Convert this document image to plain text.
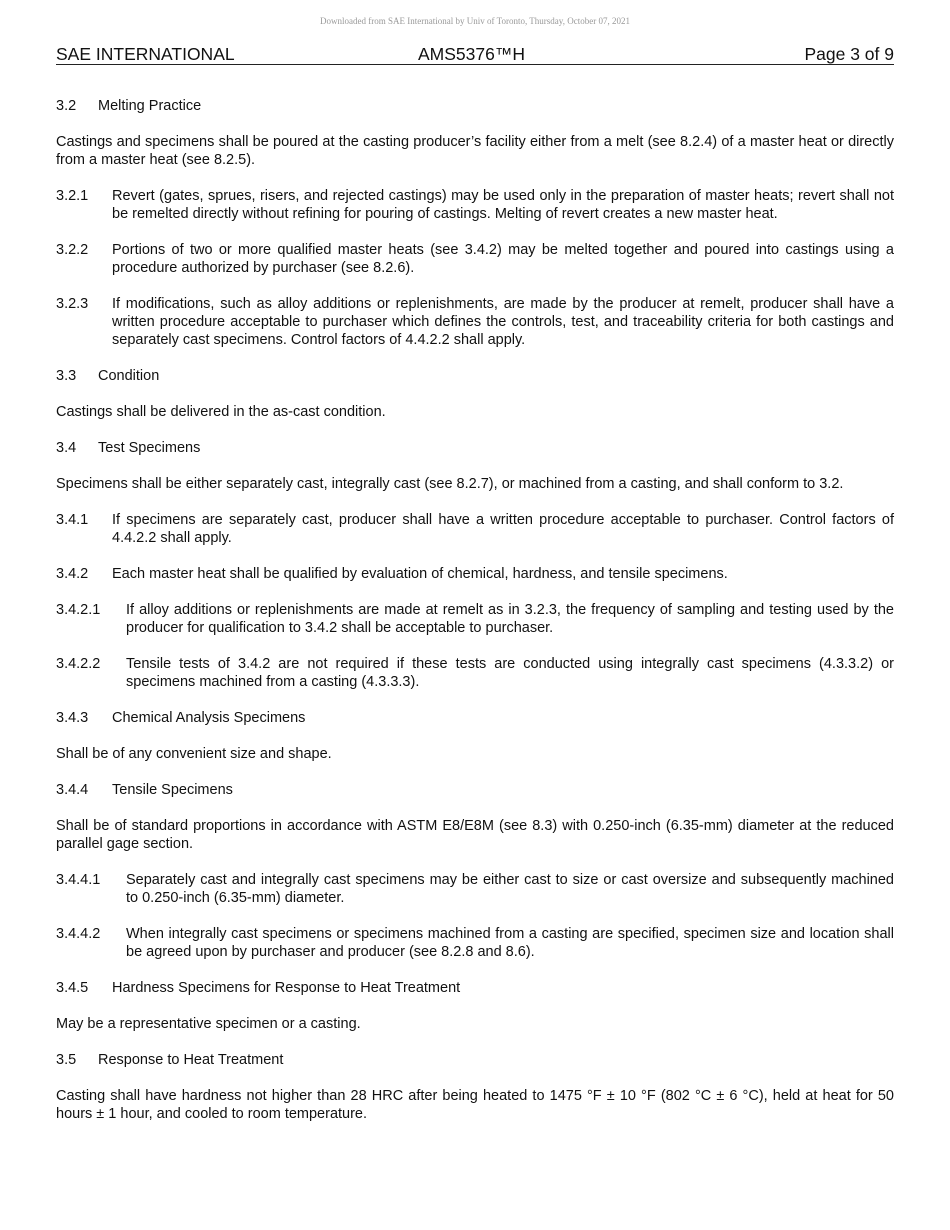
Downloaded from SAE International by Univ of Toronto, Thursday, October 07, 2021
SAE INTERNATIONAL	AMS5376™H	Page 3 of 9
3.2 Melting Practice
Castings and specimens shall be poured at the casting producer’s facility either from a melt (see 8.2.4) of a master heat or directly from a master heat (see 8.2.5).
3.2.1 Revert (gates, sprues, risers, and rejected castings) may be used only in the preparation of master heats; revert shall not be remelted directly without refining for pouring of castings. Melting of revert creates a new master heat.
3.2.2 Portions of two or more qualified master heats (see 3.4.2) may be melted together and poured into castings using a procedure authorized by purchaser (see 8.2.6).
3.2.3 If modifications, such as alloy additions or replenishments, are made by the producer at remelt, producer shall have a written procedure acceptable to purchaser which defines the controls, test, and traceability criteria for both castings and separately cast specimens. Control factors of 4.4.2.2 shall apply.
3.3 Condition
Castings shall be delivered in the as-cast condition.
3.4 Test Specimens
Specimens shall be either separately cast, integrally cast (see 8.2.7), or machined from a casting, and shall conform to 3.2.
3.4.1 If specimens are separately cast, producer shall have a written procedure acceptable to purchaser. Control factors of 4.4.2.2 shall apply.
3.4.2 Each master heat shall be qualified by evaluation of chemical, hardness, and tensile specimens.
3.4.2.1 If alloy additions or replenishments are made at remelt as in 3.2.3, the frequency of sampling and testing used by the producer for qualification to 3.4.2 shall be acceptable to purchaser.
3.4.2.2 Tensile tests of 3.4.2 are not required if these tests are conducted using integrally cast specimens (4.3.3.2) or specimens machined from a casting (4.3.3.3).
3.4.3 Chemical Analysis Specimens
Shall be of any convenient size and shape.
3.4.4 Tensile Specimens
Shall be of standard proportions in accordance with ASTM E8/E8M (see 8.3) with 0.250-inch (6.35-mm) diameter at the reduced parallel gage section.
3.4.4.1 Separately cast and integrally cast specimens may be either cast to size or cast oversize and subsequently machined to 0.250-inch (6.35-mm) diameter.
3.4.4.2 When integrally cast specimens or specimens machined from a casting are specified, specimen size and location shall be agreed upon by purchaser and producer (see 8.2.8 and 8.6).
3.4.5 Hardness Specimens for Response to Heat Treatment
May be a representative specimen or a casting.
3.5 Response to Heat Treatment
Casting shall have hardness not higher than 28 HRC after being heated to 1475 °F ± 10 °F (802 °C ± 6 °C), held at heat for 50 hours ± 1 hour, and cooled to room temperature.
